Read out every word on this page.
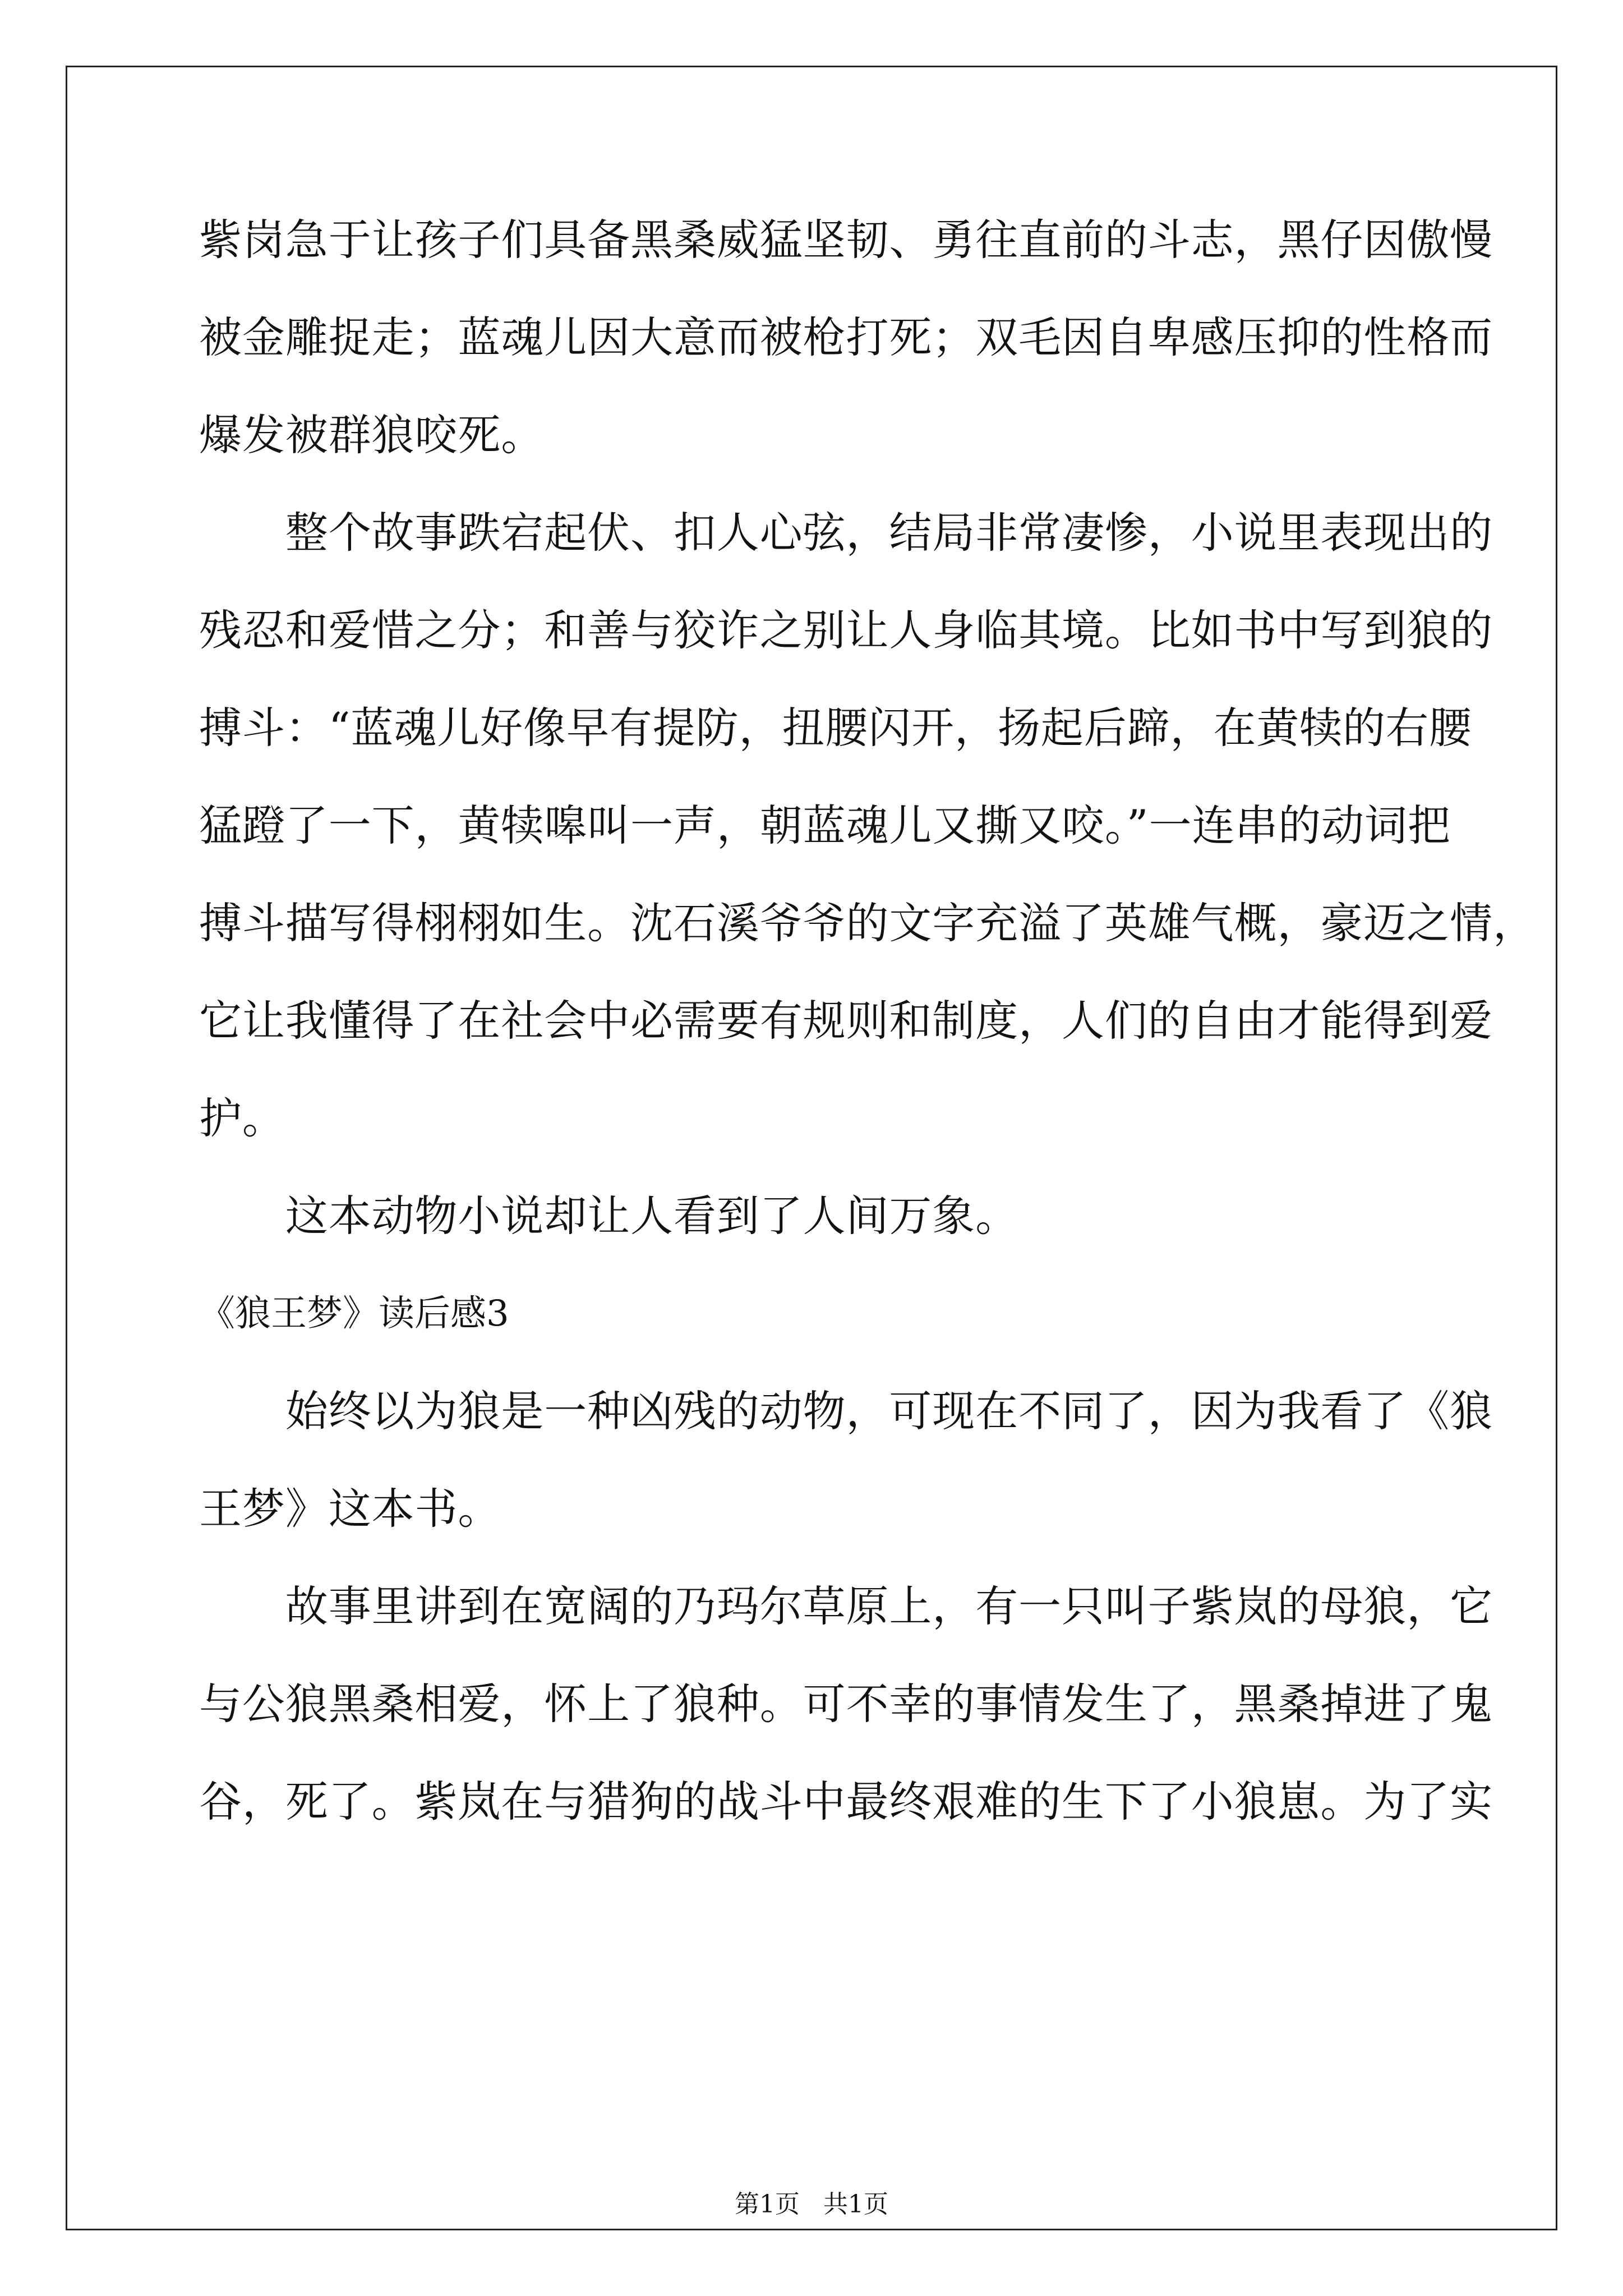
紫岗急于让孩子们具备黑桑威猛坚韧、勇往直前的斗志，黑仔因傲慢
被金雕捉走；蓝魂儿因大意而被枪打死；双毛因自卑感压抑的性格而
爆发被群狼咬死。
　　整个故事跌宕起伏、扣人心弦，结局非常凄惨，小说里表现出的
残忍和爱惜之分；和善与狡诈之别让人身临其境。比如书中写到狼的
搏斗：“蓝魂儿好像早有提防，扭腰闪开，扬起后蹄，在黄犊的右腰
猛蹬了一下，黄犊嗥叫一声，朝蓝魂儿又撕又咬。”一连串的动词把
搏斗描写得栩栩如生。沈石溪爷爷的文字充溢了英雄气概，豪迈之情，
它让我懂得了在社会中必需要有规则和制度，人们的自由才能得到爱
护。
　　这本动物小说却让人看到了人间万象。
《狼王梦》读后感3
　　始终以为狼是一种凶残的动物，可现在不同了，因为我看了《狼
王梦》这本书。
　　故事里讲到在宽阔的乃玛尔草原上，有一只叫子紫岚的母狼，它
与公狼黑桑相爱，怀上了狼种。可不幸的事情发生了，黑桑掉进了鬼
谷，死了。紫岚在与猎狗的战斗中最终艰难的生下了小狼崽。为了实
第1页 共1页
